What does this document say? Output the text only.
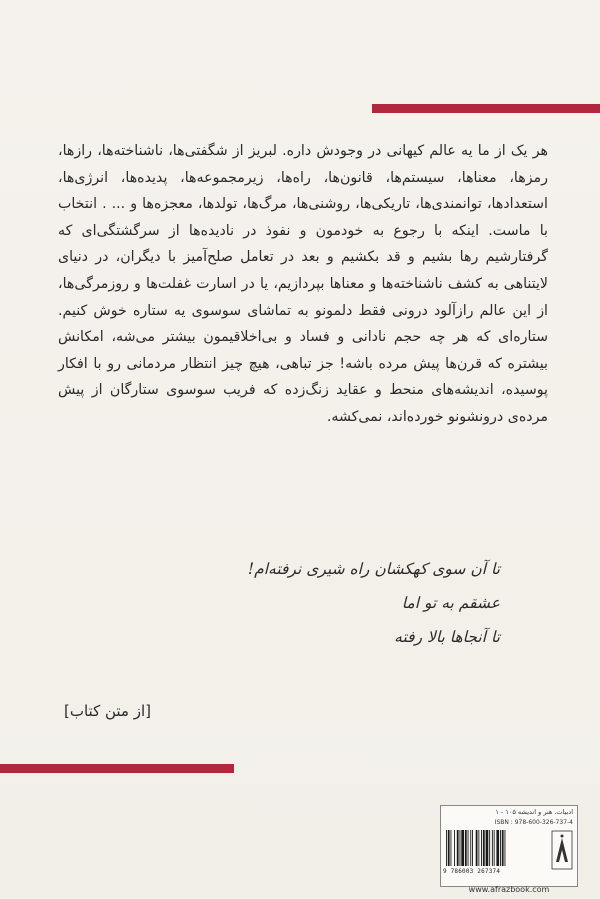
هر یک از ما یه عالم کیهانی در وجودش داره. لبریز از شگفتی‌ها، ناشناخته‌ها، رازها، رمزها، معناها، سیستم‌ها، قانون‌ها، راه‌ها، زیرمجموعه‌ها، پدیده‌ها، انرژی‌ها، استعدادها، توانمندی‌ها، تاریکی‌ها، روشنی‌ها، مرگ‌ها، تولدها، معجزه‌ها و ... . انتخاب با ماست. اینکه با رجوع به خودمون و نفوذ در نادیده‌ها از سرگشتگی‌ای که گرفتارشیم رها بشیم و قد بکشیم و بعد در تعامل صلح‌آمیز با دیگران، در دنیای لایتناهی به کشف ناشناخته‌ها و معناها بپردازیم، یا در اسارت غفلت‌ها و روزمرگی‌ها، از این عالم رازآلود درونی فقط دلمونو به تماشای سوسوی یه ستاره خوش کنیم. ستاره‌ای که هر چه حجم نادانی و فساد و بی‌اخلاقیمون بیشتر می‌شه، امکانش بیشتره که قرن‌ها پیش مرده باشه! جز تباهی، هیچ چیز انتظار مردمانی رو با افکار پوسیده، اندیشه‌های منحط و عقاید زنگ‌زده که فریب سوسوی ستارگان از پیش مرده‌ی درونشونو خورده‌اند، نمی‌کشه.
تا آن سوی کهکشان راه شیری نرفته‌ام!
عشقم به تو اما
تا آنجاها بالا رفته
[از متن کتاب]
ادبیات. هنر و اندیشه ۱۰۵ - ۱
ISBN : 978-600-326-737-4
9 786003 267374
www.afrazbook.com
